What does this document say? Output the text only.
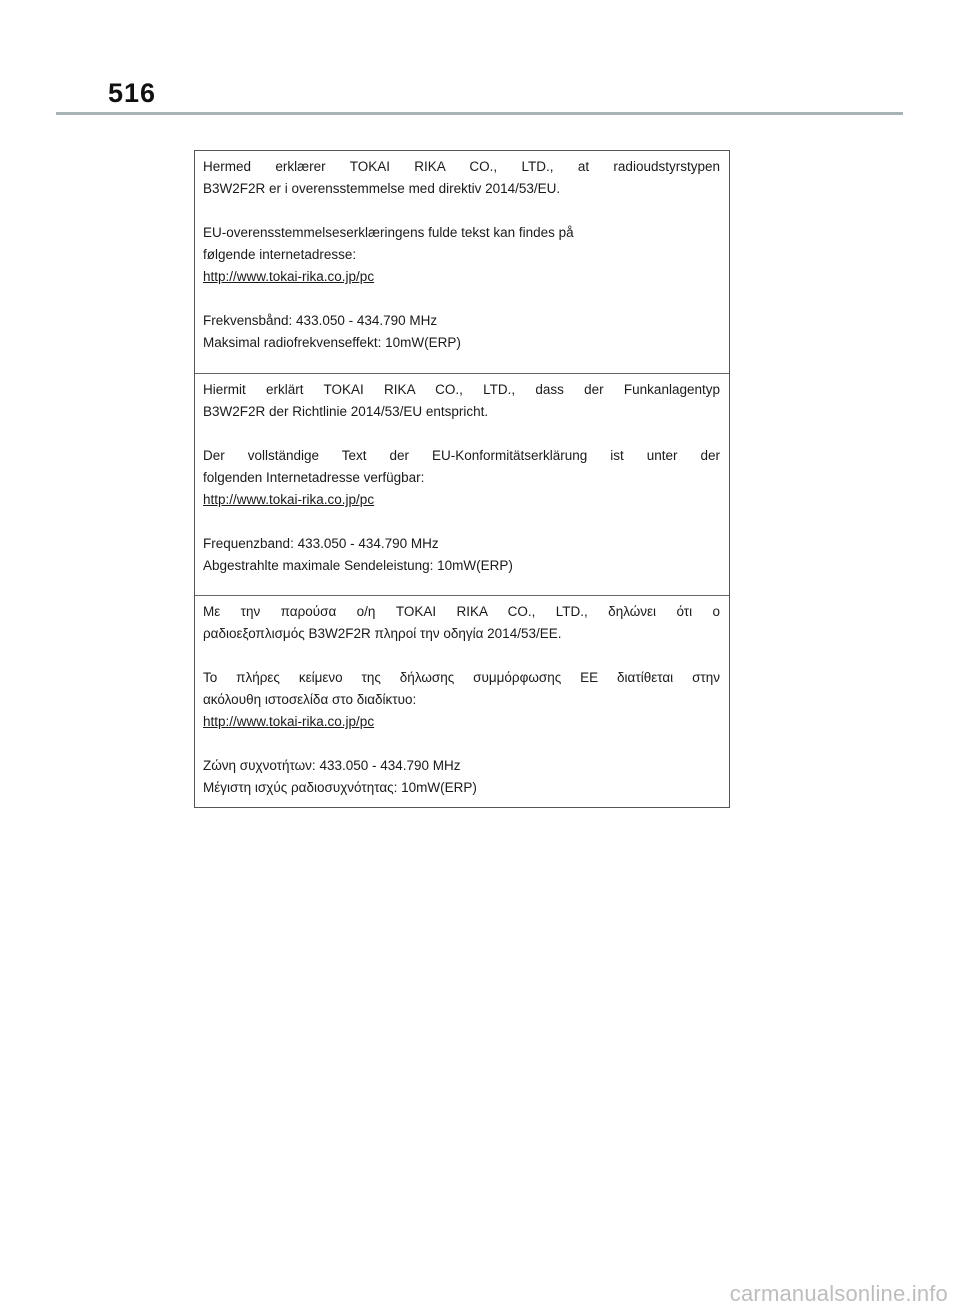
516

Hermed erklærer TOKAI RIKA CO., LTD., at radioudstyrstypen
B3W2F2R er i overensstemmelse med direktiv 2014/53/EU.

EU-overensstemmelseserklæringens fulde tekst kan findes på
følgende internetadresse:
http://www.tokai-rika.co.jp/pc

Frekvensbånd: 433.050 - 434.790 MHz
Maksimal radiofrekvenseffekt: 10mW(ERP)

Hiermit erklärt TOKAI RIKA CO., LTD., dass der Funkanlagentyp
B3W2F2R der Richtlinie 2014/53/EU entspricht.

Der vollständige Text der EU-Konformitätserklärung ist unter der
folgenden Internetadresse verfügbar:
http://www.tokai-rika.co.jp/pc

Frequenzband: 433.050 - 434.790 MHz
Abgestrahlte maximale Sendeleistung: 10mW(ERP)

Με την παρούσα ο/η TOKAI RIKA CO., LTD., δηλώνει ότι ο
ραδιοεξοπλισμός B3W2F2R πληροί την οδηγία 2014/53/ΕΕ.

Το πλήρες κείμενο της δήλωσης συμμόρφωσης ΕΕ διατίθεται στην
ακόλουθη ιστοσελίδα στο διαδίκτυο:
http://www.tokai-rika.co.jp/pc

Ζώνη συχνοτήτων: 433.050 - 434.790 MHz
Μέγιστη ισχύς ραδιοσυχνότητας: 10mW(ERP)

carmanualsonline.info
